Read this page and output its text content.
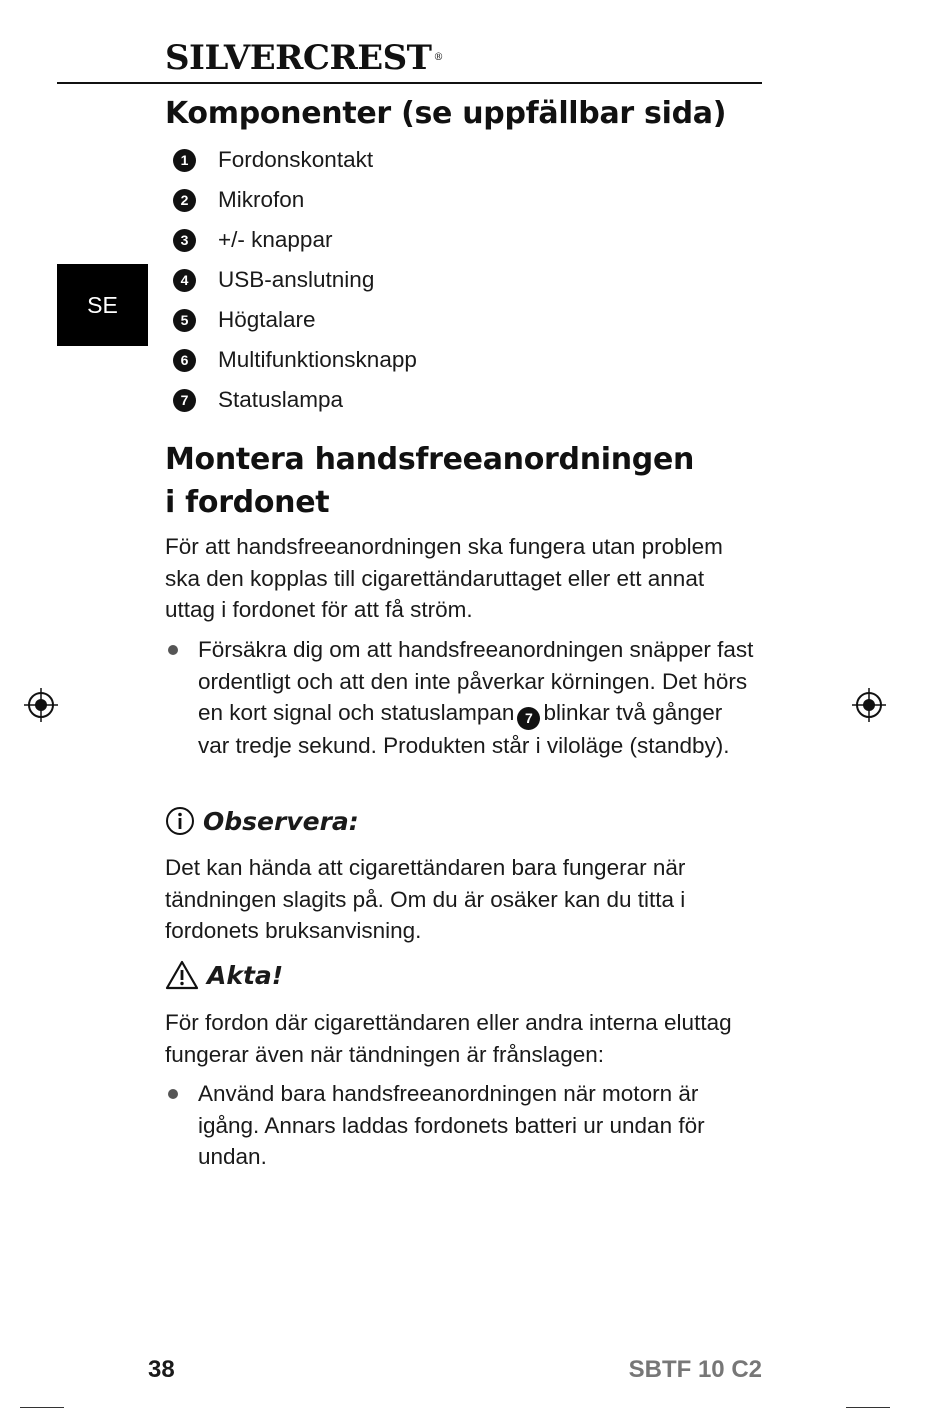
SILVERCREST ®
SE
Komponenter (se uppfällbar sida)
1	Fordonskontakt
2	Mikrofon
3	+/- knappar
4	USB-anslutning
5	Högtalare
6	Multifunktionsknapp
7	Statuslampa
Montera handsfreeanordningen
i fordonet

För att handsfreeanordningen ska fungera utan problem ska den kopplas till cigarettändaruttaget eller ett annat uttag i fordonet för att få ström.

Försäkra dig om att handsfreeanordningen snäpper fast ordentligt och att den inte påverkar körningen. Det hörs en kort signal och statuslampan 7 blinkar två gånger var tredje sekund. Produkten står i viloläge (standby).
Observera:

Det kan hända att cigarettändaren bara fungerar när tändningen slagits på. Om du är osäker kan du titta i fordonets bruksanvisning.

Akta!

För fordon där cigarettändaren eller andra interna eluttag fungerar även när tändningen är frånslagen:

Använd bara handsfreeanordningen när motorn är igång. Annars laddas fordonets batteri ur undan för undan.
38	SBTF 10 C2
